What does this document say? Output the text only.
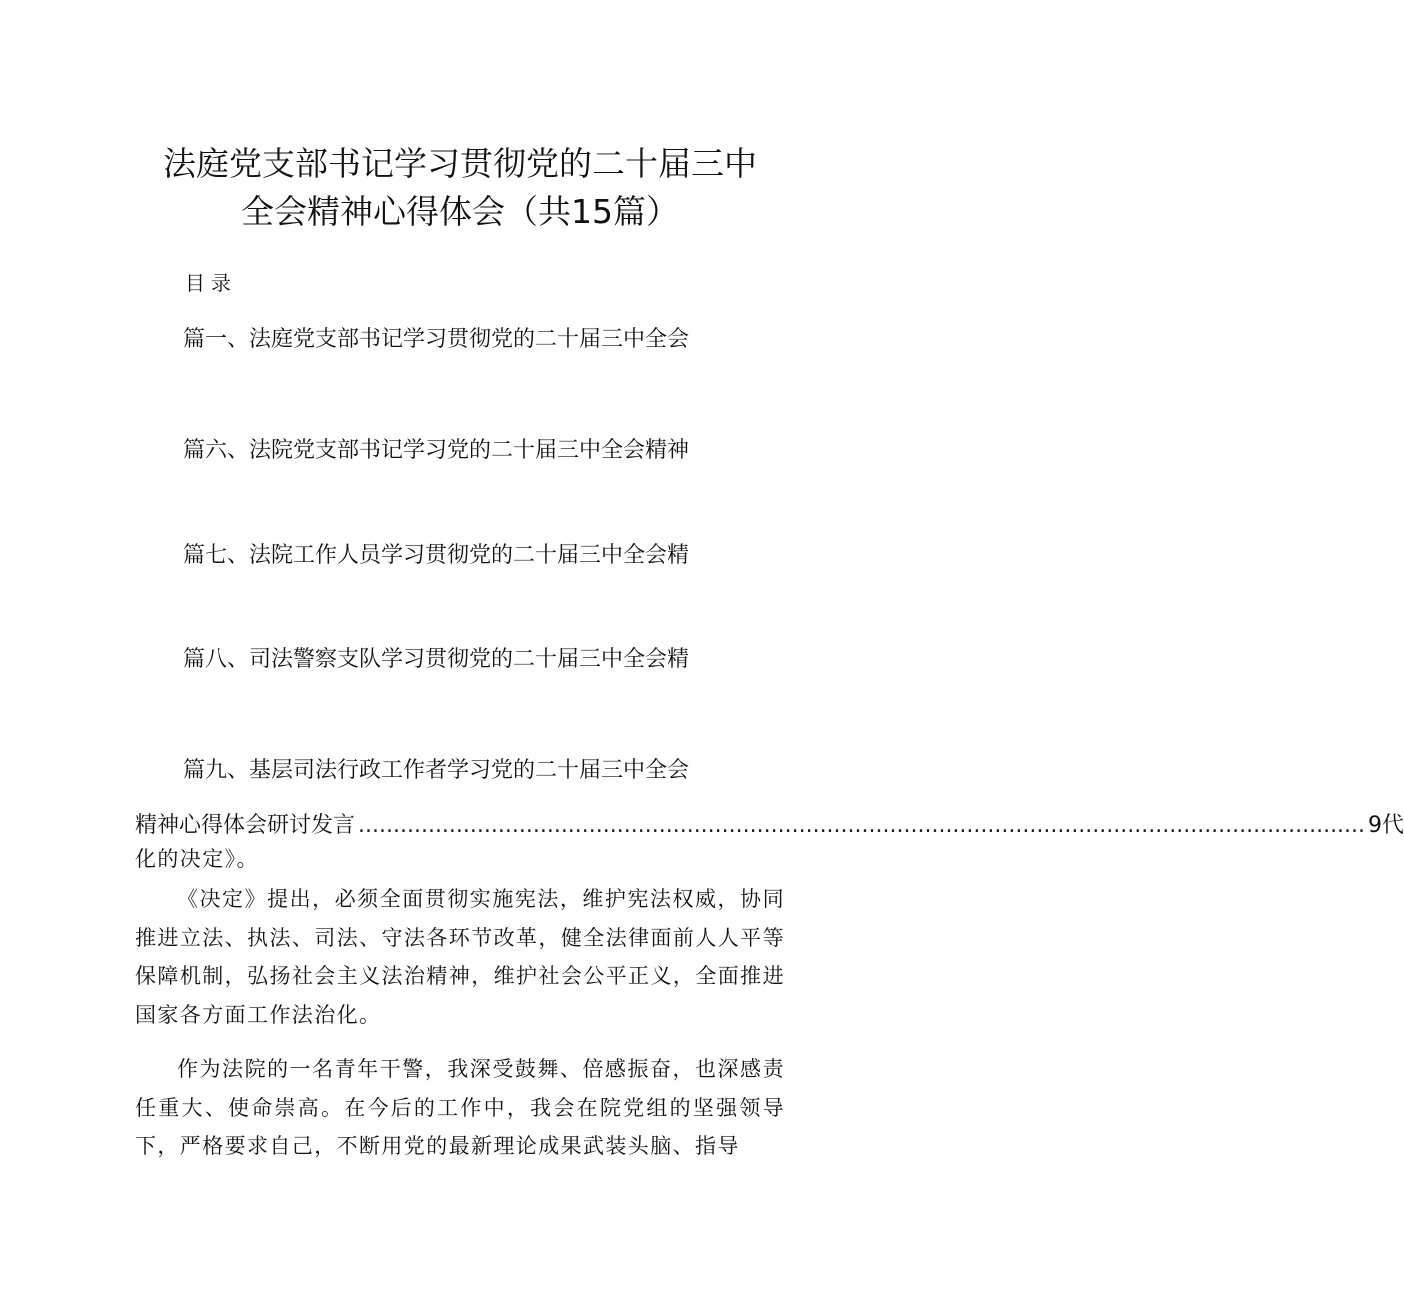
法庭党支部书记学习贯彻党的二十届三中
全会精神心得体会（共15篇）
目录
篇一、法庭党支部书记学习贯彻党的二十届三中全会
篇六、法院党支部书记学习党的二十届三中全会精神
篇七、法院工作人员学习贯彻党的二十届三中全会精
篇八、司法警察支队学习贯彻党的二十届三中全会精
篇九、基层司法行政工作者学习党的二十届三中全会
精神心得体会研讨发言 ................................................................................................................................................ 9代
化的决定》。
《决定》提出，必须全面贯彻实施宪法，维护宪法权威，协同推进立法、执法、司法、守法各环节改革，健全法律面前人人平等保障机制，弘扬社会主义法治精神，维护社会公平正义，全面推进国家各方面工作法治化。
作为法院的一名青年干警，我深受鼓舞、倍感振奋，也深感责任重大、使命崇高。在今后的工作中，我会在院党组的坚强领导下，严格要求自己，不断用党的最新理论成果武装头脑、指导
